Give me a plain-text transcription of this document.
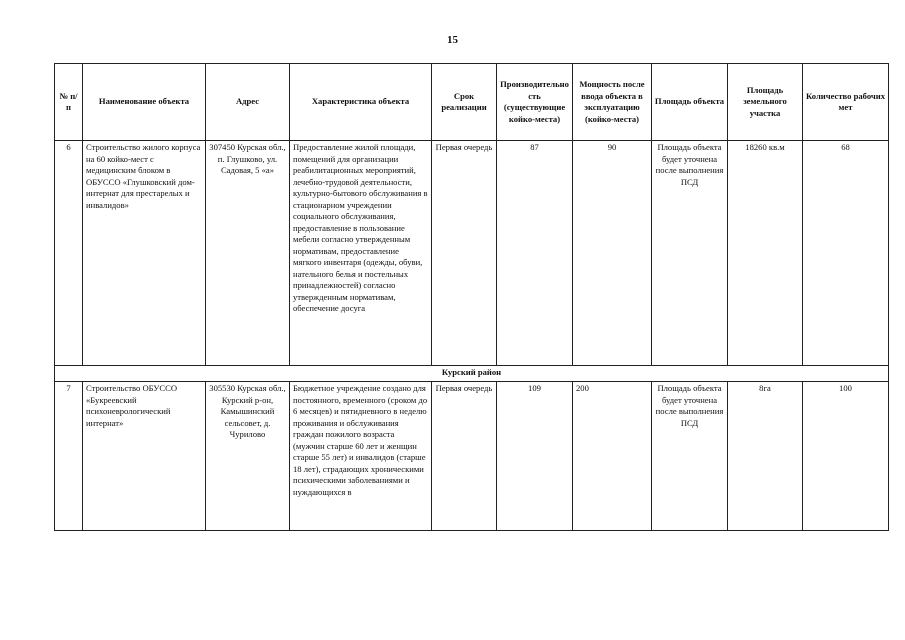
15
№ п/п	Наименование объекта	Адрес	Характеристика объекта	Срок реализации	Производительность (существующие койко-места)	Мощность после ввода объекта в эксплуатацию (койко-места)	Площадь объекта	Площадь земельного участка	Количество рабочих мет
6	Строительство жилого корпуса на 60 койко-мест с медицинским блоком в ОБУССО «Глушковский дом-интернат для престарелых и инвалидов»	307450 Курская обл., п. Глушково, ул. Садовая, 5 «а»	Предоставление жилой площади, помещений для организации реабилитационных мероприятий, лечебно-трудовой деятельности, культурно-бытового обслуживания в стационарном учреждении социального обслуживания, предоставление в пользование мебели согласно утвержденным нормативам, предоставление мягкого инвентаря (одежды, обуви, нательного белья и постельных принадлежностей) согласно утвержденным нормативам, обеспечение досуга	Первая очередь	87	90	Площадь объекта будет уточнена после выполнения ПСД	18260 кв.м	68
Курский район									
7	Строительство ОБУССО «Букреевский психоневрологический интернат»	305530 Курская обл., Курский р-он, Камышинский сельсовет, д. Чурилово	Бюджетное учреждение создано для постоянного, временного (сроком до 6 месяцев) и пятидневного в неделю проживания и обслуживания граждан пожилого возраста (мужчин старше 60 лет и женщин старше 55 лет) и инвалидов (старше 18 лет), страдающих хроническими психическими заболеваниями и нуждающихся в	Первая очередь	109	200	Площадь объекта будет уточнена после выполнения ПСД	8га	100
